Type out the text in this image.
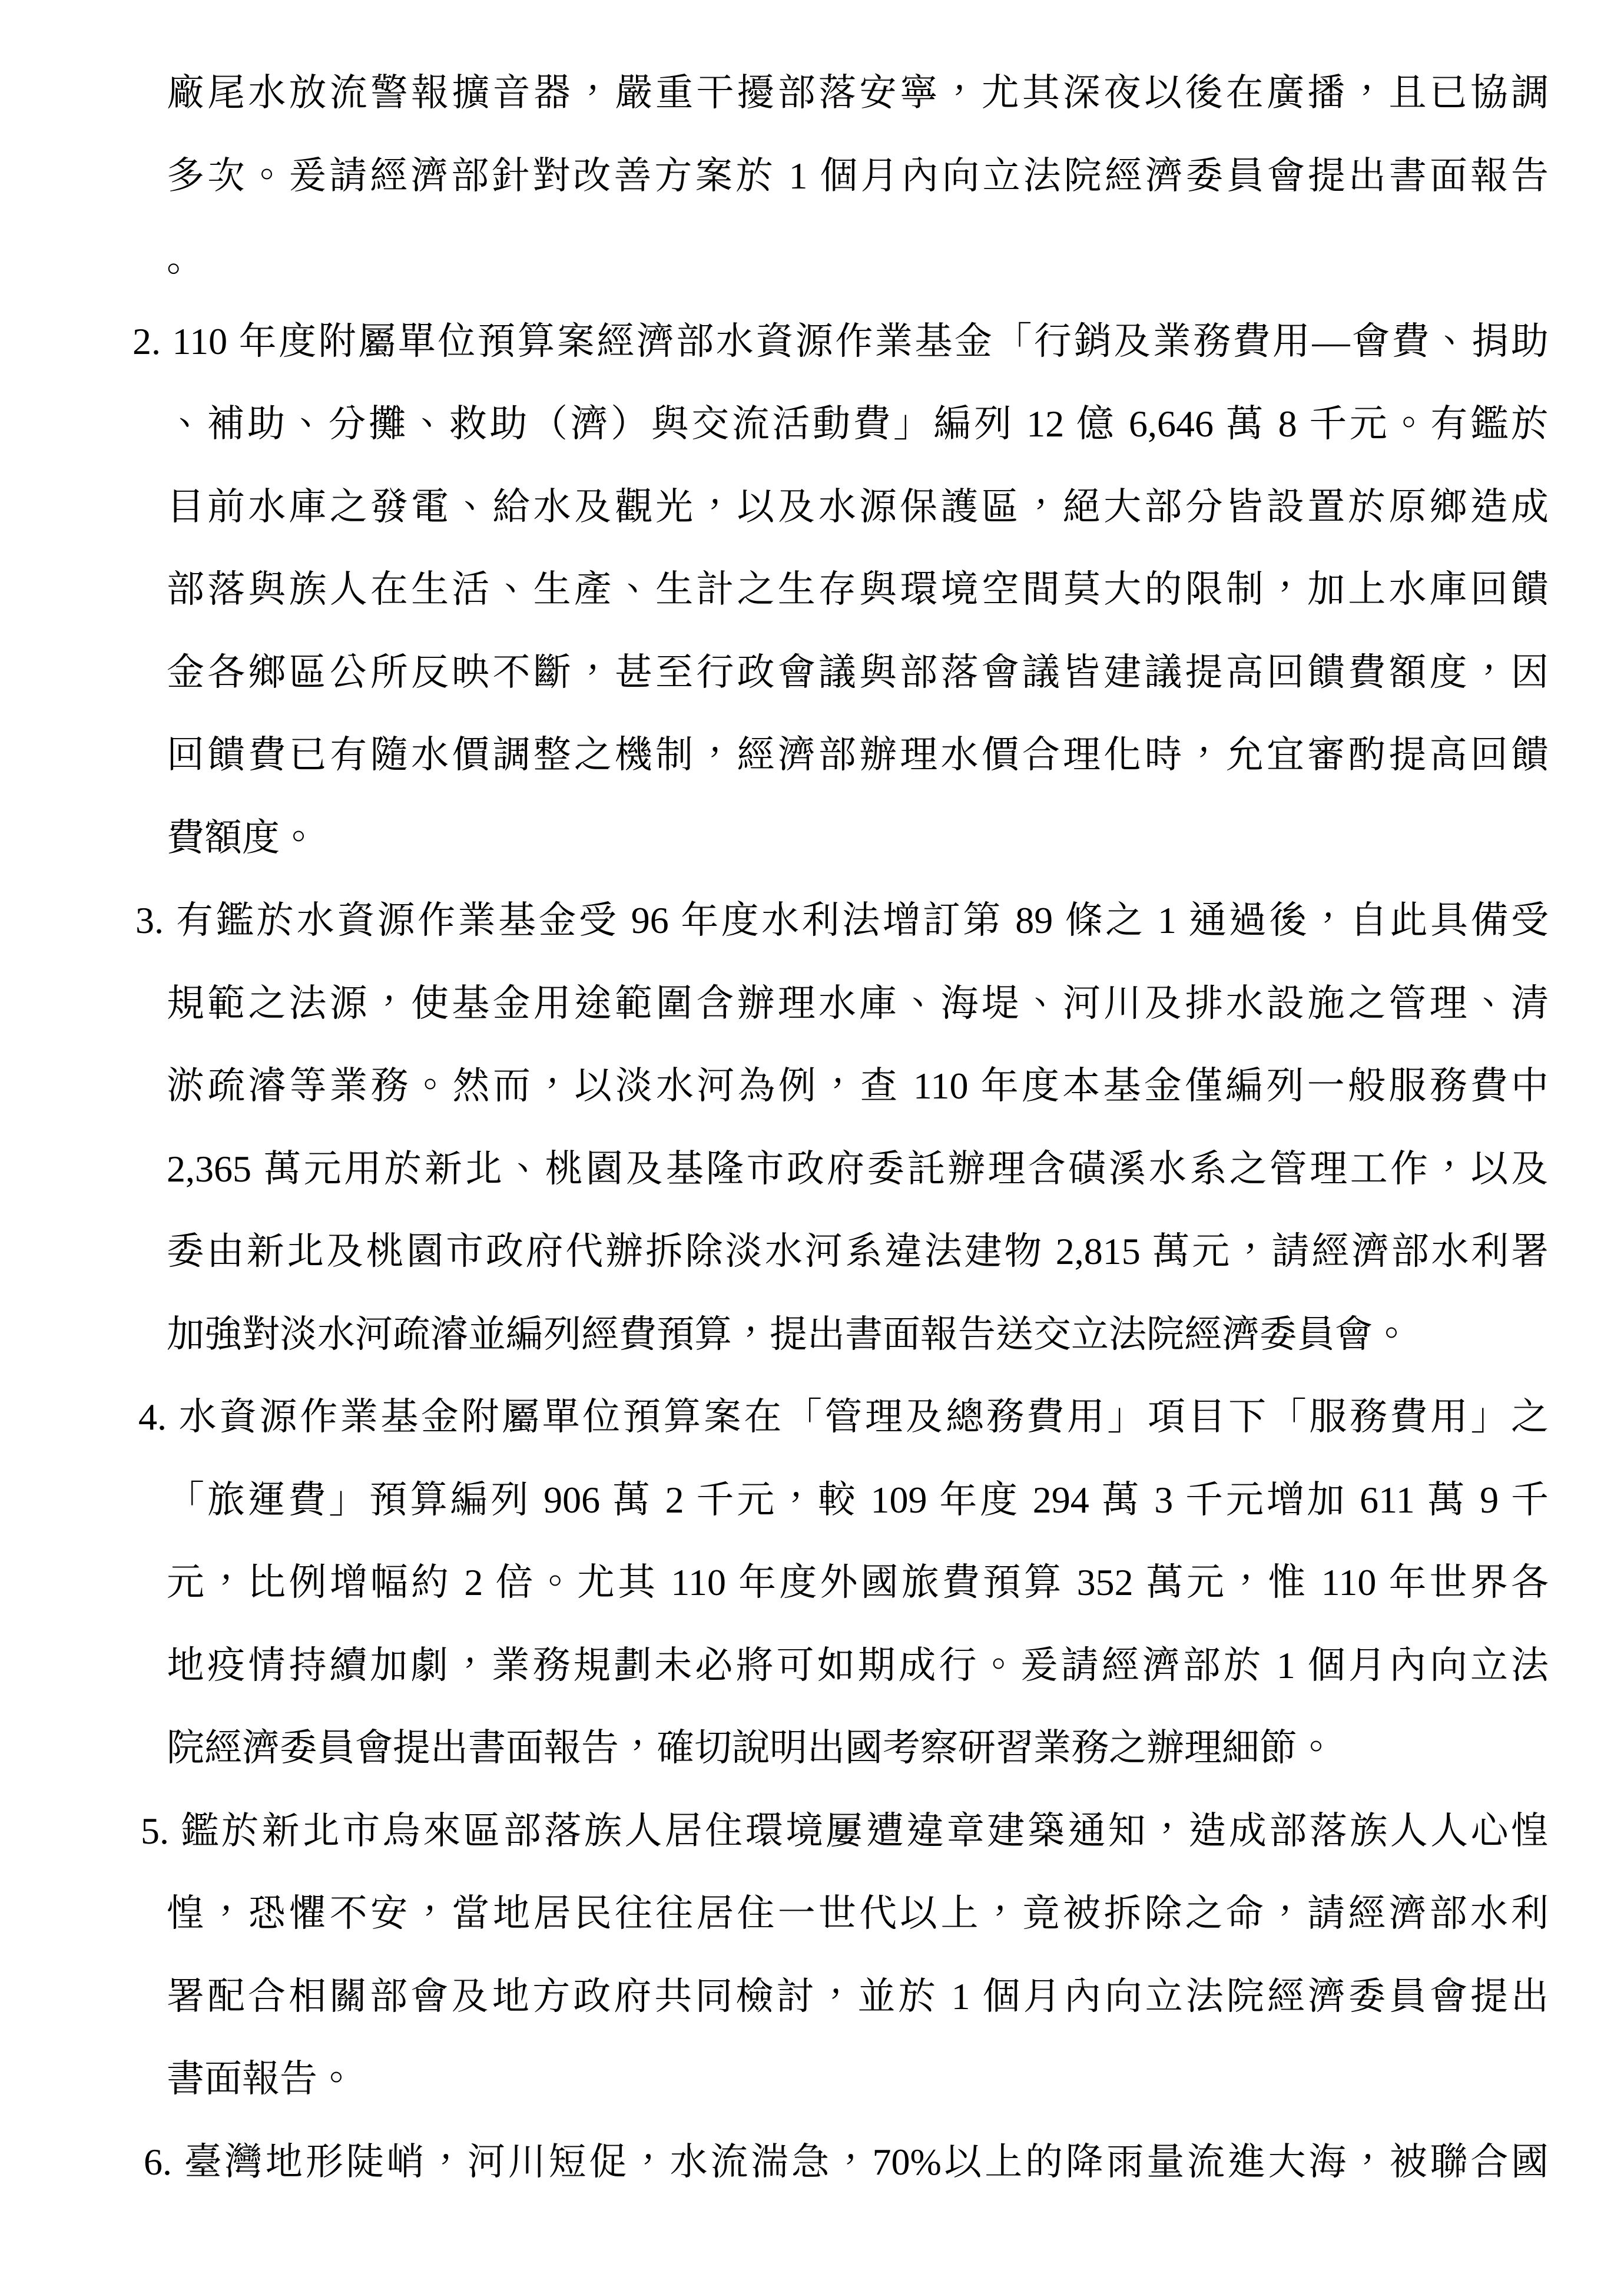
廠尾水放流警報擴音器，嚴重干擾部落安寧，尤其深夜以後在廣播，且已協調
多次。爰請經濟部針對改善方案於 1 個月內向立法院經濟委員會提出書面報告
。
2. 110 年度附屬單位預算案經濟部水資源作業基金「行銷及業務費用—會費、捐助
、補助、分攤、救助（濟）與交流活動費」編列 12 億 6,646 萬 8 千元。有鑑於
目前水庫之發電、給水及觀光，以及水源保護區，絕大部分皆設置於原鄉造成
部落與族人在生活、生產、生計之生存與環境空間莫大的限制，加上水庫回饋
金各鄉區公所反映不斷，甚至行政會議與部落會議皆建議提高回饋費額度，因
回饋費已有隨水價調整之機制，經濟部辦理水價合理化時，允宜審酌提高回饋
費額度。
3. 有鑑於水資源作業基金受 96 年度水利法增訂第 89 條之 1 通過後，自此具備受
規範之法源，使基金用途範圍含辦理水庫、海堤、河川及排水設施之管理、清
淤疏濬等業務。然而，以淡水河為例，查 110 年度本基金僅編列一般服務費中
2,365 萬元用於新北、桃園及基隆市政府委託辦理含磺溪水系之管理工作，以及
委由新北及桃園市政府代辦拆除淡水河系違法建物 2,815 萬元，請經濟部水利署
加強對淡水河疏濬並編列經費預算，提出書面報告送交立法院經濟委員會。
4. 水資源作業基金附屬單位預算案在「管理及總務費用」項目下「服務費用」之
「旅運費」預算編列 906 萬 2 千元，較 109 年度 294 萬 3 千元增加 611 萬 9 千
元，比例增幅約 2 倍。尤其 110 年度外國旅費預算 352 萬元，惟 110 年世界各
地疫情持續加劇，業務規劃未必將可如期成行。爰請經濟部於 1 個月內向立法
院經濟委員會提出書面報告，確切說明出國考察研習業務之辦理細節。
5. 鑑於新北市烏來區部落族人居住環境屢遭違章建築通知，造成部落族人人心惶
惶，恐懼不安，當地居民往往居住一世代以上，竟被拆除之命，請經濟部水利
署配合相關部會及地方政府共同檢討，並於 1 個月內向立法院經濟委員會提出
書面報告。
6. 臺灣地形陡峭，河川短促，水流湍急，70%以上的降雨量流進大海，被聯合國
